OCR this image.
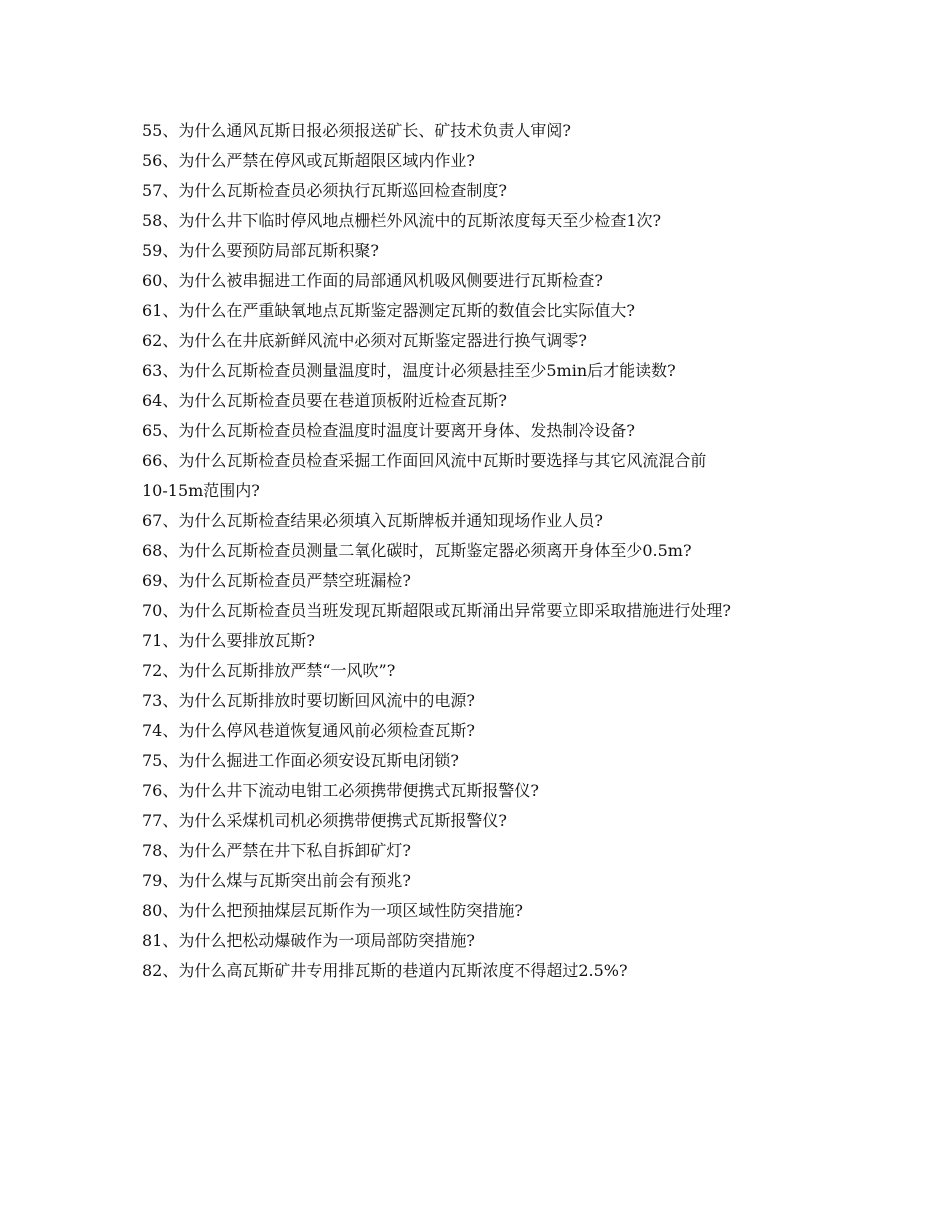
55、为什么通风瓦斯日报必须报送矿长、矿技术负责人审阅?
56、为什么严禁在停风或瓦斯超限区域内作业?
57、为什么瓦斯检查员必须执行瓦斯巡回检查制度?
58、为什么井下临时停风地点栅栏外风流中的瓦斯浓度每天至少检查1次?
59、为什么要预防局部瓦斯积聚?
60、为什么被串掘进工作面的局部通风机吸风侧要进行瓦斯检查?
61、为什么在严重缺氧地点瓦斯鉴定器测定瓦斯的数值会比实际值大?
62、为什么在井底新鲜风流中必须对瓦斯鉴定器进行换气调零?
63、为什么瓦斯检查员测量温度时，温度计必须悬挂至少5min后才能读数?
64、为什么瓦斯检查员要在巷道顶板附近检查瓦斯?
65、为什么瓦斯检查员检查温度时温度计要离开身体、发热制冷设备?
66、为什么瓦斯检查员检查采掘工作面回风流中瓦斯时要选择与其它风流混合前
10-15m范围内?
67、为什么瓦斯检查结果必须填入瓦斯牌板并通知现场作业人员?
68、为什么瓦斯检查员测量二氧化碳时，瓦斯鉴定器必须离开身体至少0.5m?
69、为什么瓦斯检查员严禁空班漏检?
70、为什么瓦斯检查员当班发现瓦斯超限或瓦斯涌出异常要立即采取措施进行处理?
71、为什么要排放瓦斯?
72、为什么瓦斯排放严禁“一风吹”?
73、为什么瓦斯排放时要切断回风流中的电源?
74、为什么停风巷道恢复通风前必须检查瓦斯?
75、为什么掘进工作面必须安设瓦斯电闭锁?
76、为什么井下流动电钳工必须携带便携式瓦斯报警仪?
77、为什么采煤机司机必须携带便携式瓦斯报警仪?
78、为什么严禁在井下私自拆卸矿灯?
79、为什么煤与瓦斯突出前会有预兆?
80、为什么把预抽煤层瓦斯作为一项区域性防突措施?
81、为什么把松动爆破作为一项局部防突措施?
82、为什么高瓦斯矿井专用排瓦斯的巷道内瓦斯浓度不得超过2.5%?
